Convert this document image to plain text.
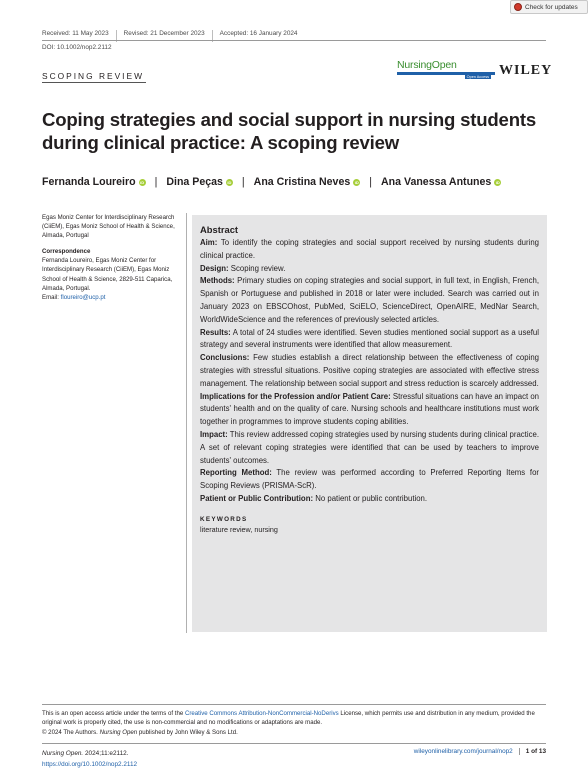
Check for updates
Received: 11 May 2023	Revised: 21 December 2023	Accepted: 16 January 2024
DOI: 10.1002/nop2.2112
SCOPING REVIEW
NursingOpen
Open Access WILEY
Coping strategies and social support in nursing students during clinical practice: A scoping review
Fernanda Loureiro	iD | Dina Peças	iD | Ana Cristina Neves	iD | Ana Vanessa Antunes	iD
Egas Moniz Center for Interdisciplinary Research (CiiEM), Egas Moniz School of Health & Science, Almada, Portugal
Correspondence
Fernanda Loureiro, Egas Moniz Center for Interdisciplinary Research (CiiEM), Egas Moniz School of Health & Science, 2829-511 Caparica, Almada, Portugal.
Email: floureiro@ucp.pt
Abstract

Aim: To identify the coping strategies and social support received by nursing students during clinical practice.

Design: Scoping review.

Methods: Primary studies on coping strategies and social support, in full text, in English, French, Spanish or Portuguese and published in 2018 or later were included. Search was carried out in January 2023 on EBSCOhost, PubMed, SciELO, ScienceDirect, OpenAIRE, MedNar Search, WorldWideScience and the references of previously selected articles.

Results: A total of 24 studies were identified. Seven studies mentioned social support as a useful strategy and several instruments were identified that allow measurement.

Conclusions: Few studies establish a direct relationship between the effectiveness of coping strategies with stressful situations. Positive coping strategies are associated with effective stress management. The relationship between social support and stress reduction is scarcely addressed.

Implications for the Profession and/or Patient Care: Stressful situations can have an impact on students' health and on the quality of care. Nursing schools and healthcare institutions must work together in programmes to improve students coping abilities.

Impact: This review addressed coping strategies used by nursing students during clinical practice. A set of relevant coping strategies were identified that can be used by teachers to improve students' outcomes.

Reporting Method: The review was performed according to Preferred Reporting Items for Scoping Reviews (PRISMA-ScR).

Patient or Public Contribution: No patient or public contribution.

KEYWORDS
literature review, nursing
This is an open access article under the terms of the Creative Commons Attribution-NonCommercial-NoDerivs License, which permits use and distribution in any medium, provided the original work is properly cited, the use is non-commercial and no modifications or adaptations are made.
© 2024 The Authors. Nursing Open published by John Wiley & Sons Ltd.
Nursing Open. 2024;11:e2112.
https://doi.org/10.1002/nop2.2112
wileyonlinelibrary.com/journal/nop2	1 of 13
